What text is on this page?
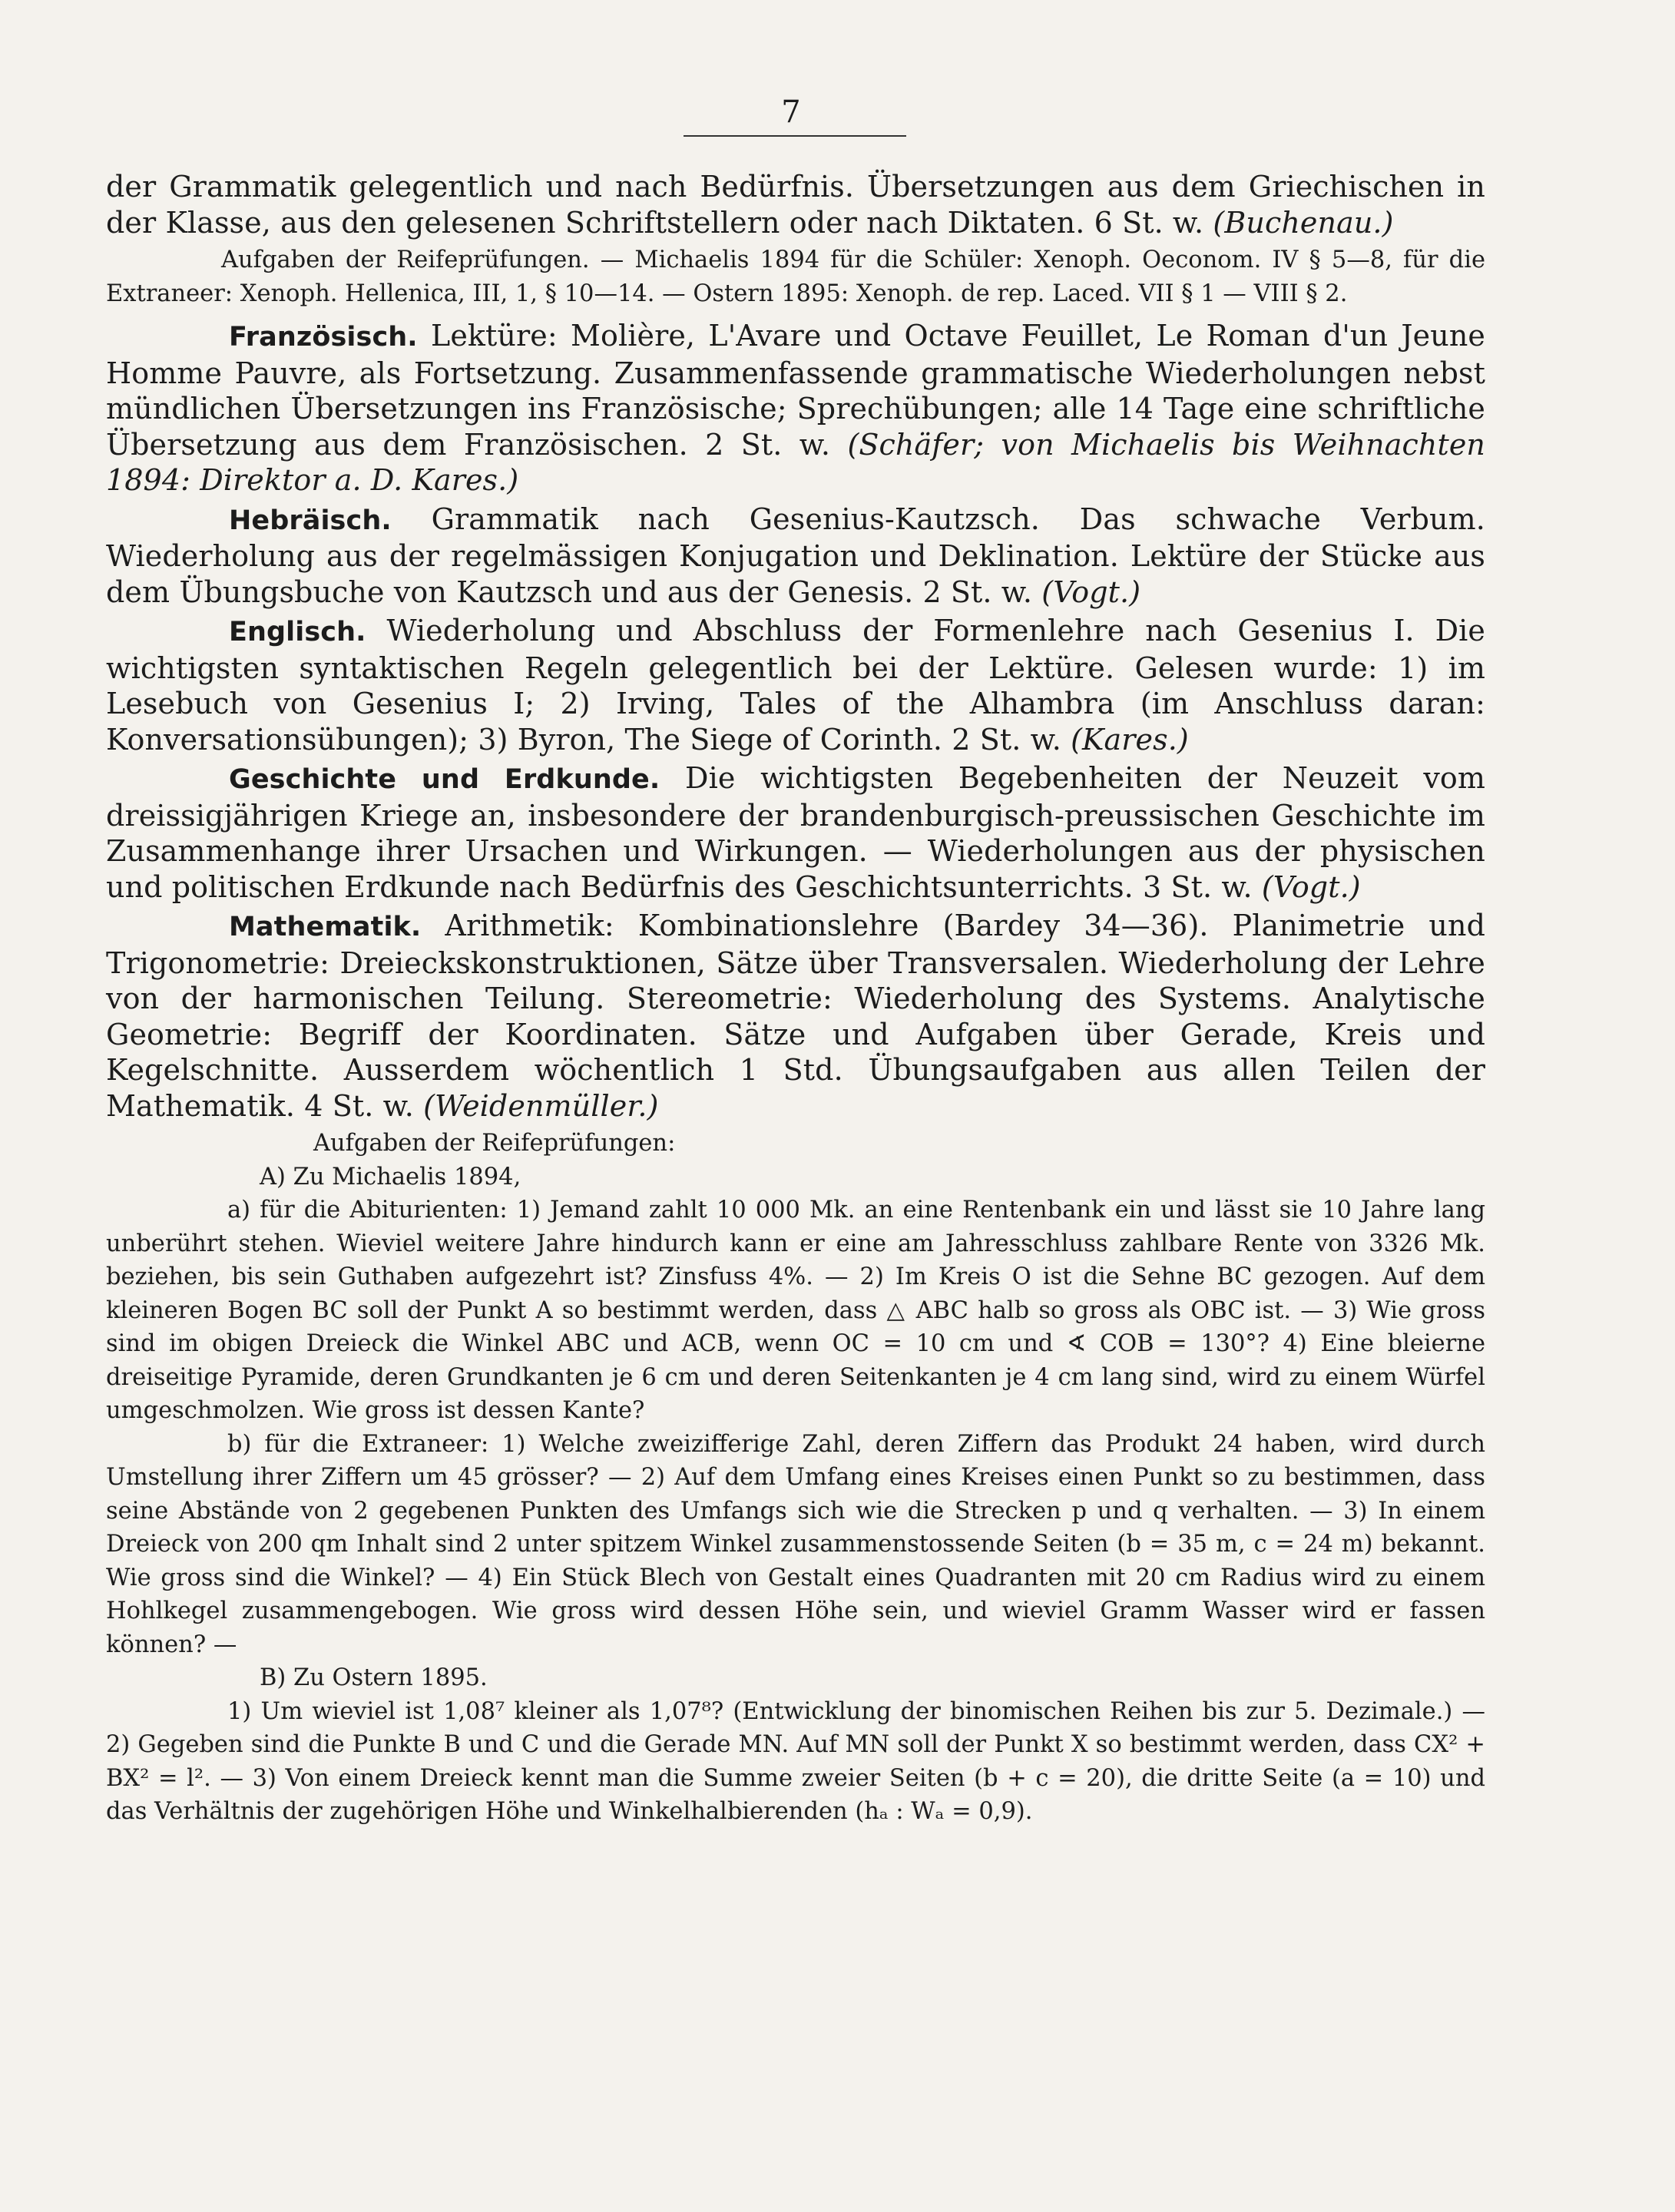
7

der Grammatik gelegentlich und nach Bedürfnis. Übersetzungen aus dem Griechischen in der Klasse, aus den gelesenen Schriftstellern oder nach Diktaten. 6 St. w. (Buchenau.)

Aufgaben der Reifeprüfungen. — Michaelis 1894 für die Schüler: Xenoph. Oeconom. IV § 5—8, für die Extraneer: Xenoph. Hellenica, III, 1, § 10—14. — Ostern 1895: Xenoph. de rep. Laced. VII § 1 — VIII § 2.

Französisch. Lektüre: Molière, L'Avare und Octave Feuillet, Le Roman d'un Jeune Homme Pauvre, als Fortsetzung. Zusammenfassende grammatische Wiederholungen nebst mündlichen Übersetzungen ins Französische; Sprechübungen; alle 14 Tage eine schriftliche Übersetzung aus dem Französischen. 2 St. w. (Schäfer; von Michaelis bis Weihnachten 1894: Direktor a. D. Kares.)

Hebräisch. Grammatik nach Gesenius-Kautzsch. Das schwache Verbum. Wiederholung aus der regelmässigen Konjugation und Deklination. Lektüre der Stücke aus dem Übungsbuche von Kautzsch und aus der Genesis. 2 St. w. (Vogt.)

Englisch. Wiederholung und Abschluss der Formenlehre nach Gesenius I. Die wichtigsten syntaktischen Regeln gelegentlich bei der Lektüre. Gelesen wurde: 1) im Lesebuch von Gesenius I; 2) Irving, Tales of the Alhambra (im Anschluss daran: Konversationsübungen); 3) Byron, The Siege of Corinth. 2 St. w. (Kares.)

Geschichte und Erdkunde. Die wichtigsten Begebenheiten der Neuzeit vom dreissigjährigen Kriege an, insbesondere der brandenburgisch-preussischen Geschichte im Zusammenhange ihrer Ursachen und Wirkungen. — Wiederholungen aus der physischen und politischen Erdkunde nach Bedürfnis des Geschichtsunterrichts. 3 St. w. (Vogt.)

Mathematik. Arithmetik: Kombinationslehre (Bardey 34—36). Planimetrie und Trigonometrie: Dreieckskonstruktionen, Sätze über Transversalen. Wiederholung der Lehre von der harmonischen Teilung. Stereometrie: Wiederholung des Systems. Analytische Geometrie: Begriff der Koordinaten. Sätze und Aufgaben über Gerade, Kreis und Kegelschnitte. Ausserdem wöchentlich 1 Std. Übungsaufgaben aus allen Teilen der Mathematik. 4 St. w. (Weidenmüller.)

Aufgaben der Reifeprüfungen:

A) Zu Michaelis 1894,

a) für die Abiturienten: 1) Jemand zahlt 10 000 Mk. an eine Rentenbank ein und lässt sie 10 Jahre lang unberührt stehen. Wieviel weitere Jahre hindurch kann er eine am Jahresschluss zahlbare Rente von 3326 Mk. beziehen, bis sein Guthaben aufgezehrt ist? Zinsfuss 4%. — 2) Im Kreis O ist die Sehne BC gezogen. Auf dem kleineren Bogen BC soll der Punkt A so bestimmt werden, dass △ ABC halb so gross als OBC ist. — 3) Wie gross sind im obigen Dreieck die Winkel ABC und ACB, wenn OC = 10 cm und ∢ COB = 130°? 4) Eine bleierne dreiseitige Pyramide, deren Grundkanten je 6 cm und deren Seitenkanten je 4 cm lang sind, wird zu einem Würfel umgeschmolzen. Wie gross ist dessen Kante?

b) für die Extraneer: 1) Welche zweizifferige Zahl, deren Ziffern das Produkt 24 haben, wird durch Umstellung ihrer Ziffern um 45 grösser? — 2) Auf dem Umfang eines Kreises einen Punkt so zu bestimmen, dass seine Abstände von 2 gegebenen Punkten des Umfangs sich wie die Strecken p und q verhalten. — 3) In einem Dreieck von 200 qm Inhalt sind 2 unter spitzem Winkel zusammenstossende Seiten (b = 35 m, c = 24 m) bekannt. Wie gross sind die Winkel? — 4) Ein Stück Blech von Gestalt eines Quadranten mit 20 cm Radius wird zu einem Hohlkegel zusammengebogen. Wie gross wird dessen Höhe sein, und wieviel Gramm Wasser wird er fassen können? —

B) Zu Ostern 1895.

1) Um wieviel ist 1,08⁷ kleiner als 1,07⁸? (Entwicklung der binomischen Reihen bis zur 5. Dezimale.) — 2) Gegeben sind die Punkte B und C und die Gerade MN. Auf MN soll der Punkt X so bestimmt werden, dass CX² + BX² = l². — 3) Von einem Dreieck kennt man die Summe zweier Seiten (b + c = 20), die dritte Seite (a = 10) und das Verhältnis der zugehörigen Höhe und Winkelhalbierenden (hₐ : Wₐ = 0,9).
